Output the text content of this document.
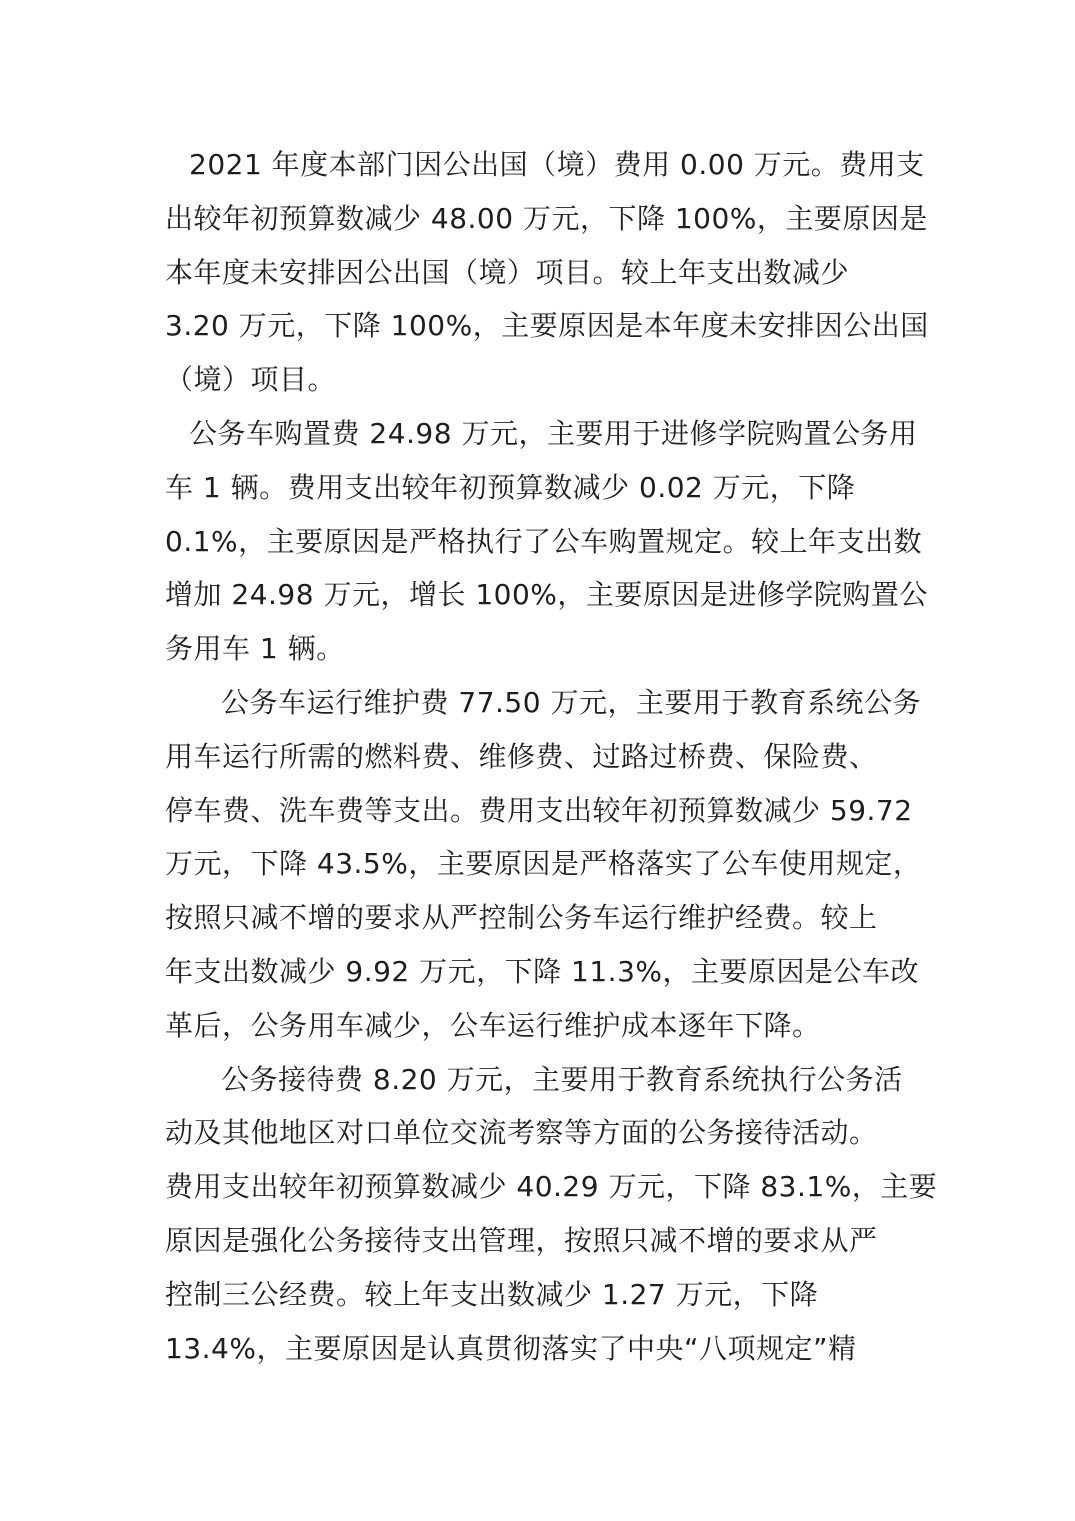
2021 年度本部门因公出国（境）费用 0.00 万元。费用支
出较年初预算数减少 48.00 万元，下降 100%，主要原因是
本年度未安排因公出国（境）项目。较上年支出数减少
3.20 万元，下降 100%，主要原因是本年度未安排因公出国
（境）项目。
公务车购置费 24.98 万元，主要用于进修学院购置公务用
车 1 辆。费用支出较年初预算数减少 0.02 万元，下降
0.1%，主要原因是严格执行了公车购置规定。较上年支出数
增加 24.98 万元，增长 100%，主要原因是进修学院购置公
务用车 1 辆。
公务车运行维护费 77.50 万元，主要用于教育系统公务
用车运行所需的燃料费、维修费、过路过桥费、保险费、
停车费、洗车费等支出。费用支出较年初预算数减少 59.72
万元，下降 43.5%，主要原因是严格落实了公车使用规定，
按照只减不增的要求从严控制公务车运行维护经费。较上
年支出数减少 9.92 万元，下降 11.3%，主要原因是公车改
革后，公务用车减少，公车运行维护成本逐年下降。
公务接待费 8.20 万元，主要用于教育系统执行公务活
动及其他地区对口单位交流考察等方面的公务接待活动。
费用支出较年初预算数减少 40.29 万元，下降 83.1%，主要
原因是强化公务接待支出管理，按照只减不增的要求从严
控制三公经费。较上年支出数减少 1.27 万元，下降
13.4%，主要原因是认真贯彻落实了中央“八项规定”精
